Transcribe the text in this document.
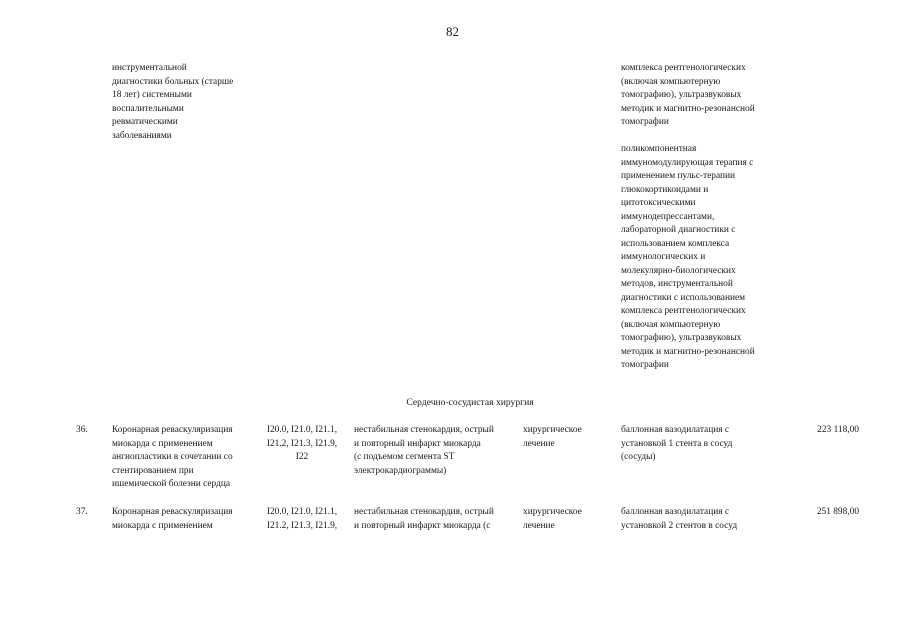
82
инструментальной
диагностики больных (старше
18 лет) системными
воспалительными
ревматическими
заболеваниями
комплекса рентгенологических
(включая компьютерную
томографию), ультразвуковых
методик и магнитно-резонансной
томографии
поликомпонентная
иммуномодулирующая терапия с
применением пульс-терапии
глюкокортикоидами и
цитотоксическими
иммунодепрессантами,
лабораторной диагностики с
использованием комплекса
иммунологических и
молекулярно-биологических
методов, инструментальной
диагностики с использованием
комплекса рентгенологических
(включая компьютерную
томографию), ультразвуковых
методик и магнитно-резонансной
томографии
Сердечно-сосудистая хирургия
36.	Коронарная реваскуляризация
миокарда с применением
ангиопластики в сочетании со
стентированием при
ишемической болезни сердца
I20.0, I21.0, I21.1,
I21.2, I21.3, I21.9,
I22
нестабильная стенокардия, острый
и повторный инфаркт миокарда
(с подъемом сегмента ST
электрокардиограммы)
хирургическое
лечение
баллонная вазодилатация с
установкой 1 стента в сосуд
(сосуды)
223 118,00
37.	Коронарная реваскуляризация
миокарда с применением
I20.0, I21.0, I21.1,
I21.2, I21.3, I21.9,
нестабильная стенокардия, острый
и повторный инфаркт миокарда (с
хирургическое
лечение
баллонная вазодилатация с
установкой 2 стентов в сосуд
251 898,00
